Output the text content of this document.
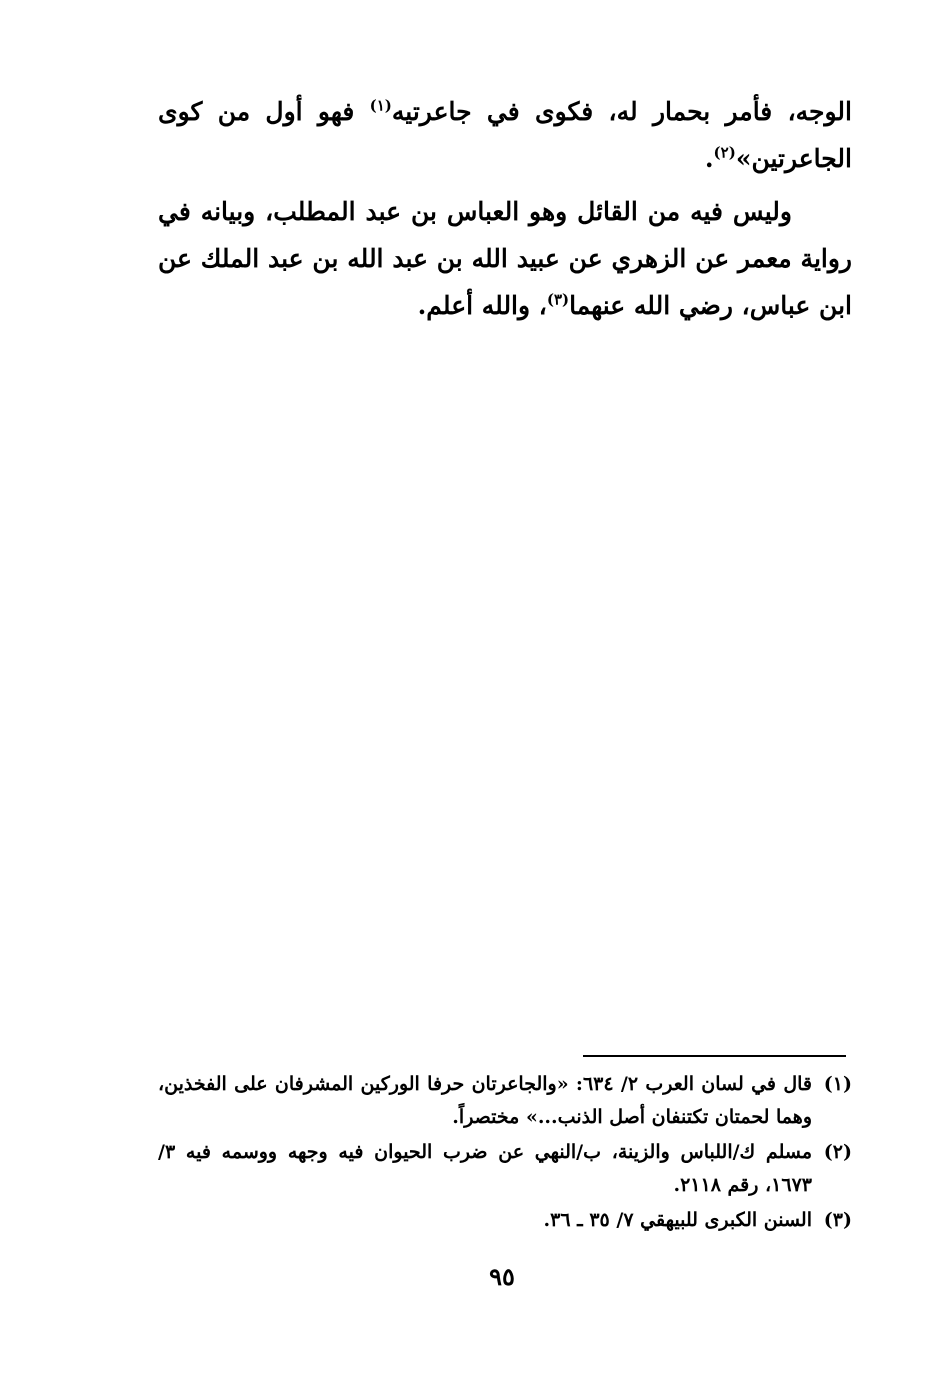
الوجه، فأمر بحمار له، فكوى في جاعرتيه$^{(١)}$ فهو أول من كوى الجاعرتين»$^{(٢)}$.

وليس فيه من القائل وهو العباس بن عبد المطلب، وبيانه في رواية معمر عن الزهري عن عبيد الله بن عبد الله بن عبد الملك عن ابن عباس، رضي الله عنهما$^{(٣)}$، والله أعلم.

(١)
قال في لسان العرب ٢/ ٦٣٤: «والجاعرتان حرفا الوركين المشرفان على الفخذين، وهما لحمتان تكتنفان أصل الذنب...» مختصراً.
(٢)
مسلم ك/اللباس والزينة، ب/النهي عن ضرب الحيوان فيه وجهه ووسمه فيه ٣/ ١٦٧٣، رقم ٢١١٨.
(٣)
السنن الكبرى للبيهقي ٧/ ٣٥ ـ ٣٦.
٩٥
